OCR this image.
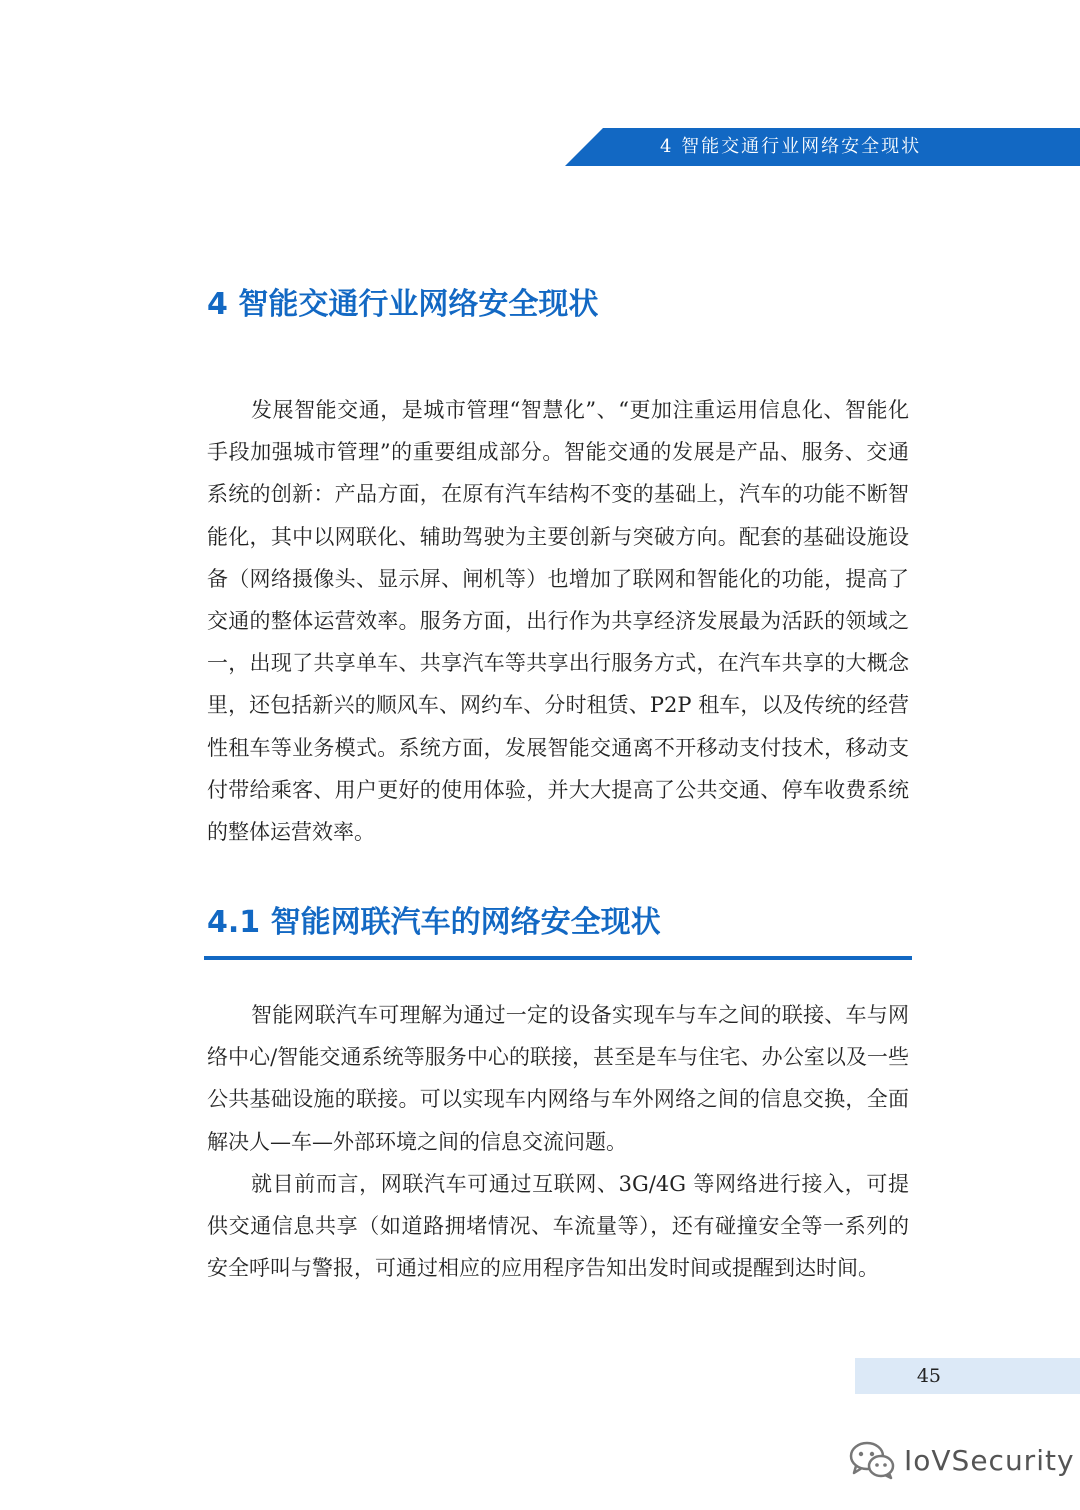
4 智能交通行业网络安全现状
4 智能交通行业网络安全现状

发展智能交通，是城市管理“智慧化”、“更加注重运用信息化、智能化手段加强城市管理”的重要组成部分。智能交通的发展是产品、服务、交通系统的创新：产品方面，在原有汽车结构不变的基础上，汽车的功能不断智能化，其中以网联化、辅助驾驶为主要创新与突破方向。配套的基础设施设备（网络摄像头、显示屏、闸机等）也增加了联网和智能化的功能，提高了交通的整体运营效率。服务方面，出行作为共享经济发展最为活跃的领域之一，出现了共享单车、共享汽车等共享出行服务方式，在汽车共享的大概念里，还包括新兴的顺风车、网约车、分时租赁、P2P 租车，以及传统的经营性租车等业务模式。系统方面，发展智能交通离不开移动支付技术，移动支付带给乘客、用户更好的使用体验，并大大提高了公共交通、停车收费系统的整体运营效率。

4.1 智能网联汽车的网络安全现状

智能网联汽车可理解为通过一定的设备实现车与车之间的联接、车与网络中心/智能交通系统等服务中心的联接，甚至是车与住宅、办公室以及一些公共基础设施的联接。可以实现车内网络与车外网络之间的信息交换，全面解决人—车—外部环境之间的信息交流问题。

就目前而言，网联汽车可通过互联网、3G/4G 等网络进行接入，可提供交通信息共享（如道路拥堵情况、车流量等），还有碰撞安全等一系列的安全呼叫与警报，可通过相应的应用程序告知出发时间或提醒到达时间。

45
IoVSecurity
